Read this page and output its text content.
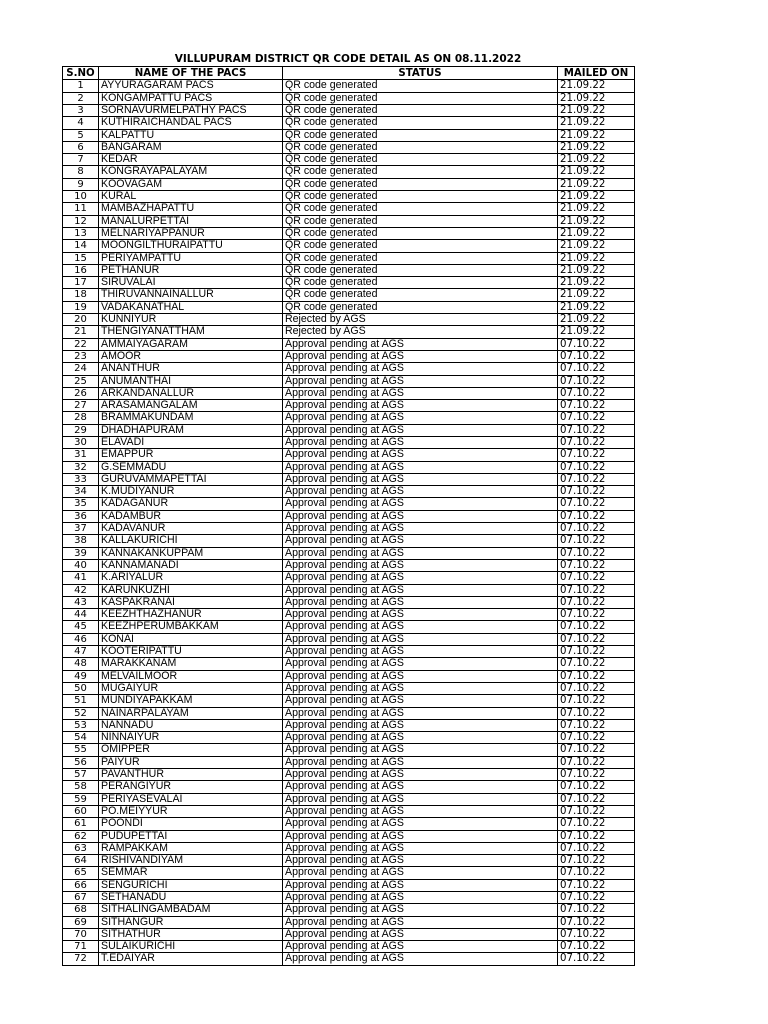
VILLUPURAM DISTRICT QR CODE DETAIL AS ON 08.11.2022
S.NO	NAME OF THE PACS	STATUS	MAILED ON
1	AYYURAGARAM PACS	QR code generated	21.09.22
2	KONGAMPATTU PACS	QR code generated	21.09.22
3	SORNAVURMELPATHY PACS	QR code generated	21.09.22
4	KUTHIRAICHANDAL PACS	QR code generated	21.09.22
5	KALPATTU	QR code generated	21.09.22
6	BANGARAM	QR code generated	21.09.22
7	KEDAR	QR code generated	21.09.22
8	KONGRAYAPALAYAM	QR code generated	21.09.22
9	KOOVAGAM	QR code generated	21.09.22
10	KURAL	QR code generated	21.09.22
11	MAMBAZHAPATTU	QR code generated	21.09.22
12	MANALURPETTAI	QR code generated	21.09.22
13	MELNARIYAPPANUR	QR code generated	21.09.22
14	MOONGILTHURAIPATTU	QR code generated	21.09.22
15	PERIYAMPATTU	QR code generated	21.09.22
16	PETHANUR	QR code generated	21.09.22
17	SIRUVALAI	QR code generated	21.09.22
18	THIRUVANNAINALLUR	QR code generated	21.09.22
19	VADAKANATHAL	QR code generated	21.09.22
20	KUNNIYUR	Rejected by AGS	21.09.22
21	THENGIYANATTHAM	Rejected by AGS	21.09.22
22	AMMAIYAGARAM	Approval pending at AGS	07.10.22
23	AMOOR	Approval pending at AGS	07.10.22
24	ANANTHUR	Approval pending at AGS	07.10.22
25	ANUMANTHAI	Approval pending at AGS	07.10.22
26	ARKANDANALLUR	Approval pending at AGS	07.10.22
27	ARASAMANGALAM	Approval pending at AGS	07.10.22
28	BRAMMAKUNDAM	Approval pending at AGS	07.10.22
29	DHADHAPURAM	Approval pending at AGS	07.10.22
30	ELAVADI	Approval pending at AGS	07.10.22
31	EMAPPUR	Approval pending at AGS	07.10.22
32	G.SEMMADU	Approval pending at AGS	07.10.22
33	GURUVAMMAPETTAI	Approval pending at AGS	07.10.22
34	K.MUDIYANUR	Approval pending at AGS	07.10.22
35	KADAGANUR	Approval pending at AGS	07.10.22
36	KADAMBUR	Approval pending at AGS	07.10.22
37	KADAVANUR	Approval pending at AGS	07.10.22
38	KALLAKURICHI	Approval pending at AGS	07.10.22
39	KANNAKANKUPPAM	Approval pending at AGS	07.10.22
40	KANNAMANADI	Approval pending at AGS	07.10.22
41	K.ARIYALUR	Approval pending at AGS	07.10.22
42	KARUNKUZHI	Approval pending at AGS	07.10.22
43	KASPAKRANAI	Approval pending at AGS	07.10.22
44	KEEZHTHAZHANUR	Approval pending at AGS	07.10.22
45	KEEZHPERUMBAKKAM	Approval pending at AGS	07.10.22
46	KONAI	Approval pending at AGS	07.10.22
47	KOOTERIPATTU	Approval pending at AGS	07.10.22
48	MARAKKANAM	Approval pending at AGS	07.10.22
49	MELVAILMOOR	Approval pending at AGS	07.10.22
50	MUGAIYUR	Approval pending at AGS	07.10.22
51	MUNDIYAPAKKAM	Approval pending at AGS	07.10.22
52	NAINARPALAYAM	Approval pending at AGS	07.10.22
53	NANNADU	Approval pending at AGS	07.10.22
54	NINNAIYUR	Approval pending at AGS	07.10.22
55	OMIPPER	Approval pending at AGS	07.10.22
56	PAIYUR	Approval pending at AGS	07.10.22
57	PAVANTHUR	Approval pending at AGS	07.10.22
58	PERANGIYUR	Approval pending at AGS	07.10.22
59	PERIYASEVALAI	Approval pending at AGS	07.10.22
60	PO.MEIYYUR	Approval pending at AGS	07.10.22
61	POONDI	Approval pending at AGS	07.10.22
62	PUDUPETTAI	Approval pending at AGS	07.10.22
63	RAMPAKKAM	Approval pending at AGS	07.10.22
64	RISHIVANDIYAM	Approval pending at AGS	07.10.22
65	SEMMAR	Approval pending at AGS	07.10.22
66	SENGURICHI	Approval pending at AGS	07.10.22
67	SETHANADU	Approval pending at AGS	07.10.22
68	SITHALINGAMBADAM	Approval pending at AGS	07.10.22
69	SITHANGUR	Approval pending at AGS	07.10.22
70	SITHATHUR	Approval pending at AGS	07.10.22
71	SULAIKURICHI	Approval pending at AGS	07.10.22
72	T.EDAIYAR	Approval pending at AGS	07.10.22
